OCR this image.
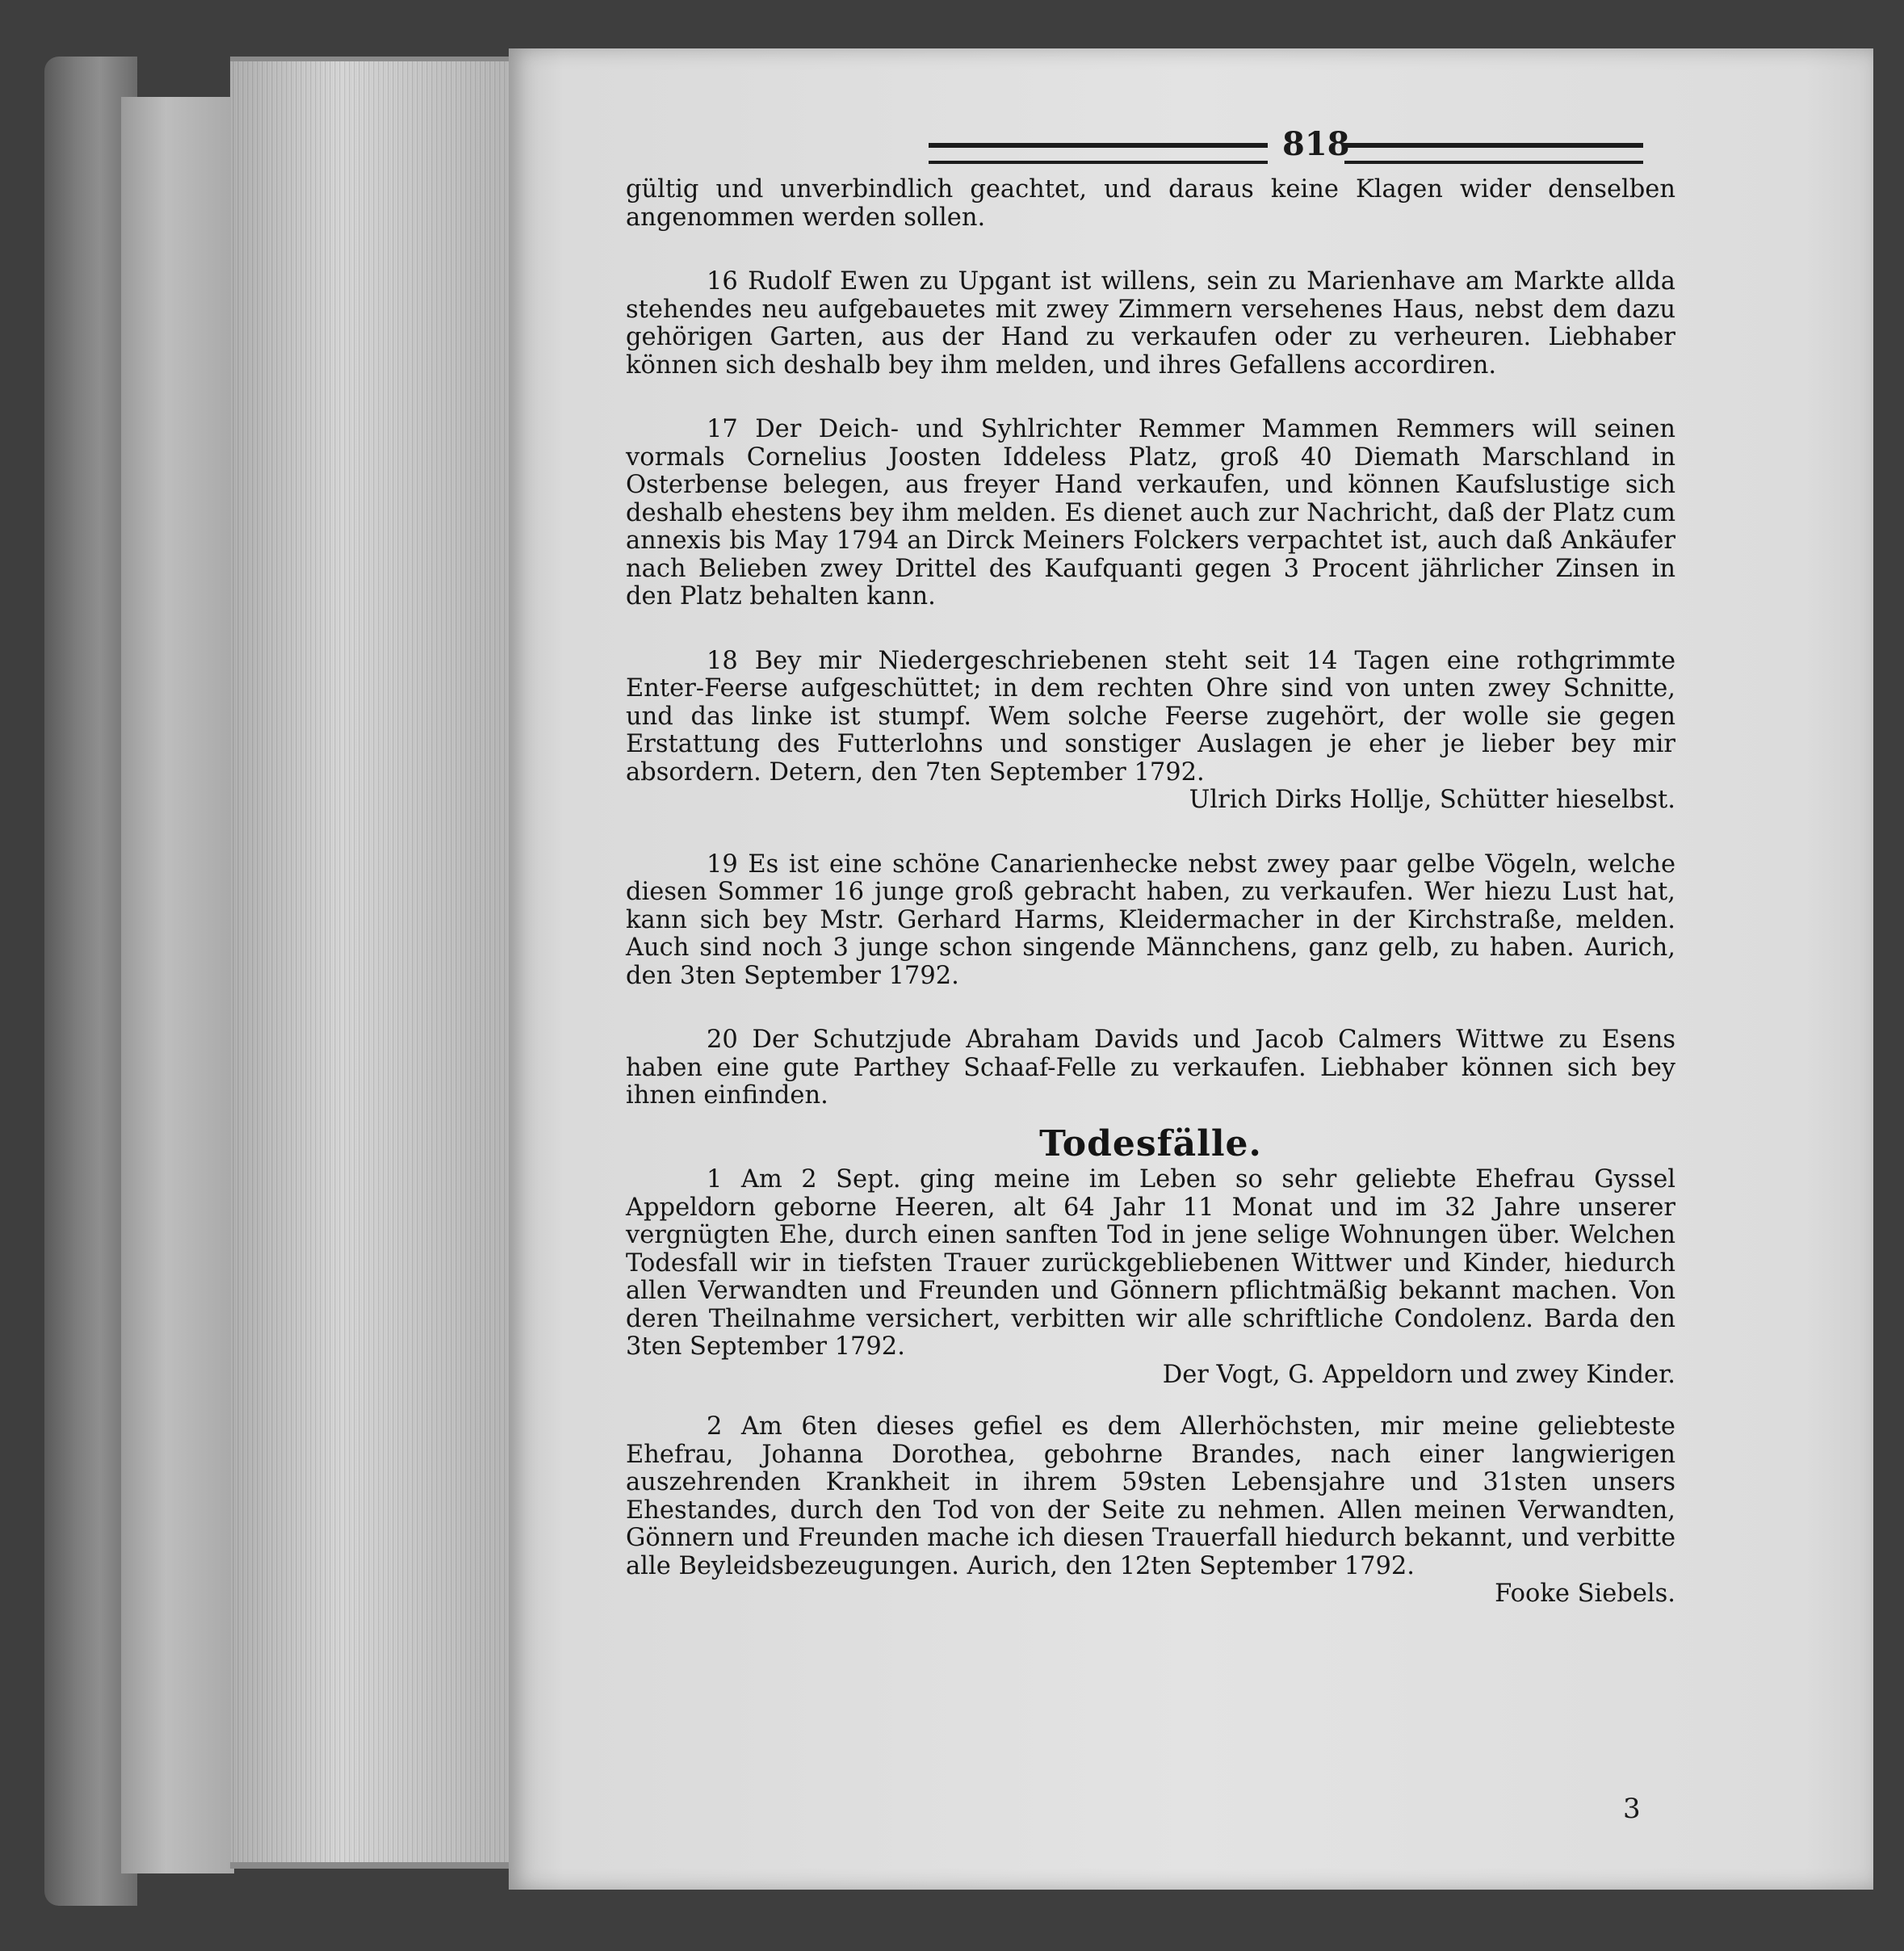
818

gültig und unverbindlich geachtet, und daraus keine Klagen wider denselben angenommen werden sollen.

16 Rudolf Ewen zu Upgant ist willens, sein zu Marienhave am Markte allda stehendes neu aufgebauetes mit zwey Zimmern versehenes Haus, nebst dem dazu gehörigen Garten, aus der Hand zu verkaufen oder zu verheuren. Liebhaber können sich deshalb bey ihm melden, und ihres Gefallens accordiren.

17 Der Deich- und Syhlrichter Remmer Mammen Remmers will seinen vormals Cornelius Joosten Iddeless Platz, groß 40 Diemath Marschland in Osterbense belegen, aus freyer Hand verkaufen, und können Kaufslustige sich deshalb ehestens bey ihm melden. Es dienet auch zur Nachricht, daß der Platz cum annexis bis May 1794 an Dirck Meiners Folckers verpachtet ist, auch daß Ankäufer nach Belieben zwey Drittel des Kaufquanti gegen 3 Procent jährlicher Zinsen in den Platz behalten kann.

18 Bey mir Niedergeschriebenen steht seit 14 Tagen eine rothgrimmte Enter-Feerse aufgeschüttet; in dem rechten Ohre sind von unten zwey Schnitte, und das linke ist stumpf. Wem solche Feerse zugehört, der wolle sie gegen Erstattung des Futterlohns und sonstiger Auslagen je eher je lieber bey mir absordern. Detern, den 7ten September 1792.

Ulrich Dirks Hollje, Schütter hieselbst.

19 Es ist eine schöne Canarienhecke nebst zwey paar gelbe Vögeln, welche diesen Sommer 16 junge groß gebracht haben, zu verkaufen. Wer hiezu Lust hat, kann sich bey Mstr. Gerhard Harms, Kleidermacher in der Kirchstraße, melden. Auch sind noch 3 junge schon singende Männchens, ganz gelb, zu haben. Aurich, den 3ten September 1792.

20 Der Schutzjude Abraham Davids und Jacob Calmers Wittwe zu Esens haben eine gute Parthey Schaaf-Felle zu verkaufen. Liebhaber können sich bey ihnen einfinden.

Todesfälle.

1 Am 2 Sept. ging meine im Leben so sehr geliebte Ehefrau Gyssel Appeldorn geborne Heeren, alt 64 Jahr 11 Monat und im 32 Jahre unserer vergnügten Ehe, durch einen sanften Tod in jene selige Wohnungen über. Welchen Todesfall wir in tiefsten Trauer zurückgebliebenen Wittwer und Kinder, hiedurch allen Verwandten und Freunden und Gönnern pflichtmäßig bekannt machen. Von deren Theilnahme versichert, verbitten wir alle schriftliche Condolenz. Barda den 3ten September 1792.

Der Vogt, G. Appeldorn und zwey Kinder.

2 Am 6ten dieses gefiel es dem Allerhöchsten, mir meine geliebteste Ehefrau, Johanna Dorothea, gebohrne Brandes, nach einer langwierigen auszehrenden Krankheit in ihrem 59sten Lebensjahre und 31sten unsers Ehestandes, durch den Tod von der Seite zu nehmen. Allen meinen Verwandten, Gönnern und Freunden mache ich diesen Trauerfall hiedurch bekannt, und verbitte alle Beyleidsbezeugungen. Aurich, den 12ten September 1792.

Fooke Siebels.

3
